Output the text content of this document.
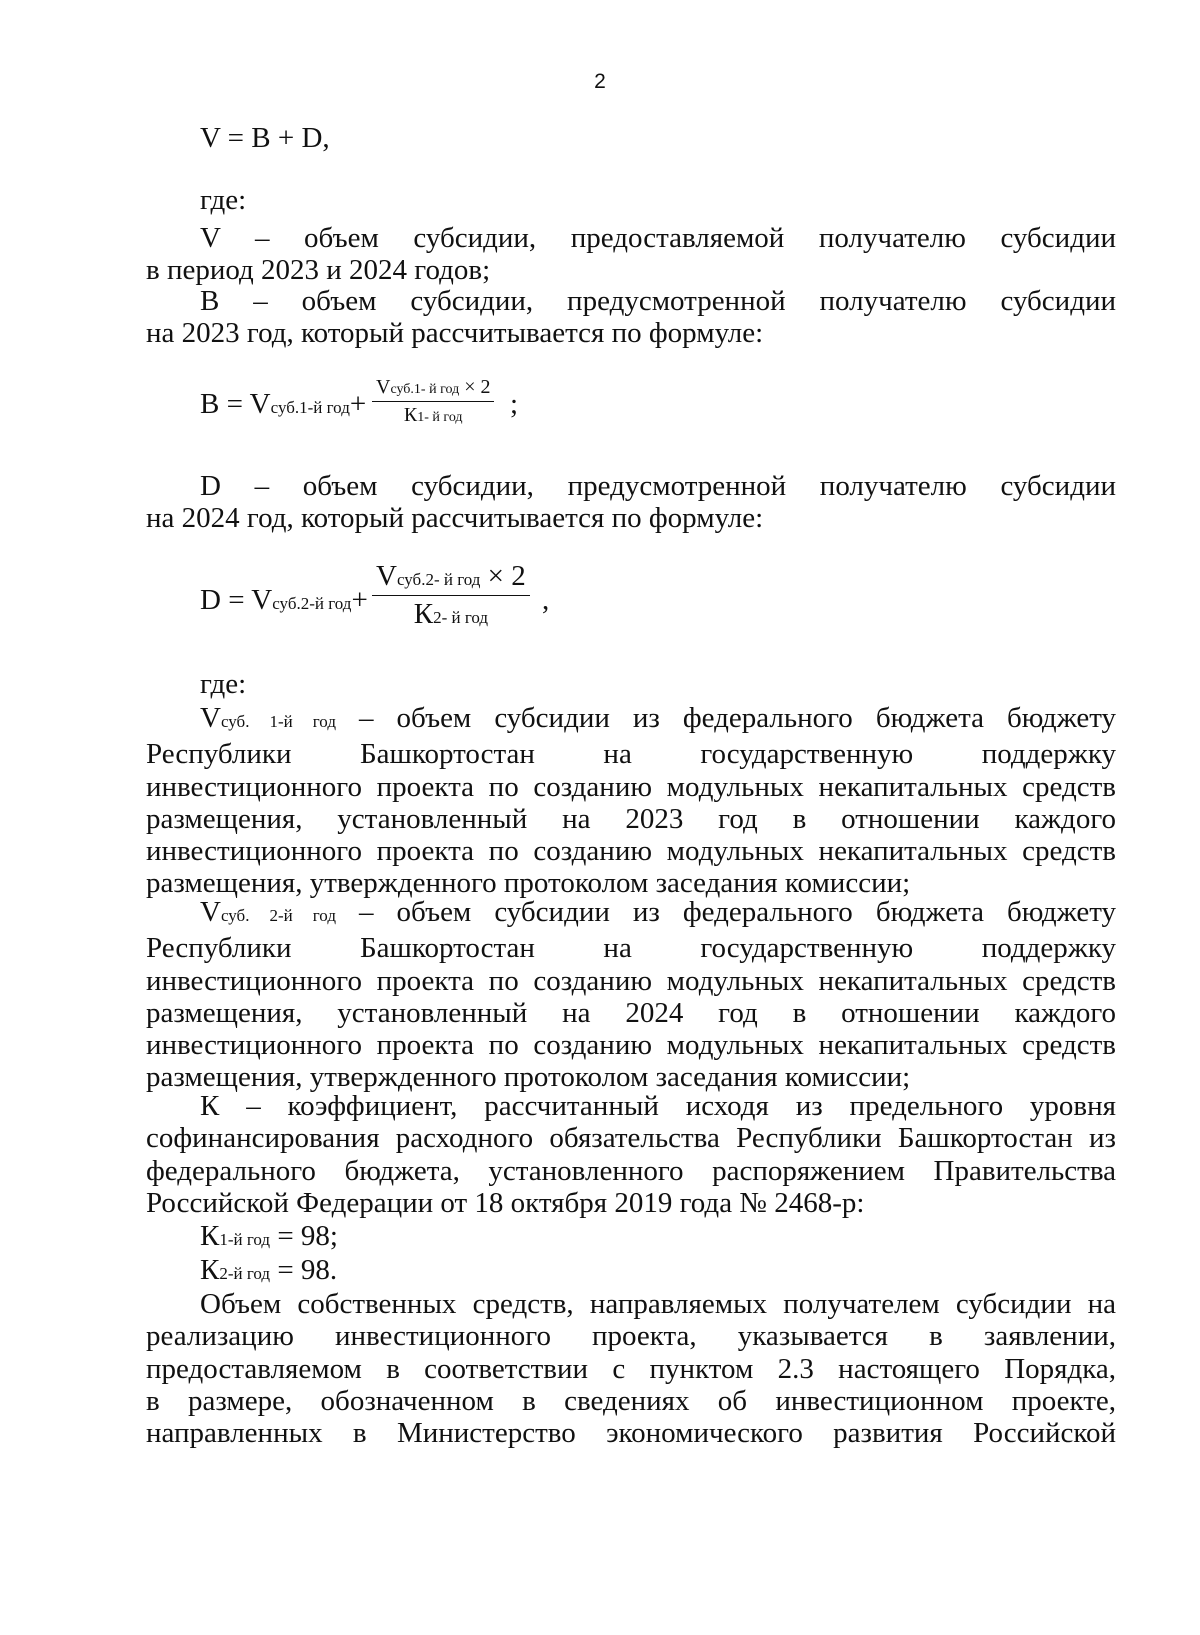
2
V = B + D,
где:
V – объем субсидии, предоставляемой получателю субсидии
в период 2023 и 2024 годов;
B – объем субсидии, предусмотренной получателю субсидии
на 2023 год, который рассчитывается по формуле:
B = Vсуб.1-й год+
Vсуб.1- й год × 2
К1- й год	;
D – объем субсидии, предусмотренной получателю субсидии
на 2024 год, который рассчитывается по формуле:
D = Vсуб.2-й год+
Vсуб.2- й год × 2
К2- й год
,
где:
Vсуб. 1-й год – объем субсидии из федерального бюджета бюджету
Республики Башкортостан на государственную поддержку
инвестиционного проекта по созданию модульных некапитальных средств
размещения, установленный на 2023 год в отношении каждого
инвестиционного проекта по созданию модульных некапитальных средств
размещения, утвержденного протоколом заседания комиссии;
Vсуб. 2-й год – объем субсидии из федерального бюджета бюджету
Республики Башкортостан на государственную поддержку
инвестиционного проекта по созданию модульных некапитальных средств
размещения, установленный на 2024 год в отношении каждого
инвестиционного проекта по созданию модульных некапитальных средств
размещения, утвержденного протоколом заседания комиссии;
К – коэффициент, рассчитанный исходя из предельного уровня
софинансирования расходного обязательства Республики Башкортостан из
федерального бюджета, установленного распоряжением Правительства
Российской Федерации от 18 октября 2019 года № 2468-р:
К1-й год = 98;
К2-й год = 98.
Объем собственных средств, направляемых получателем субсидии на
реализацию инвестиционного проекта, указывается в заявлении,
предоставляемом в соответствии с пунктом 2.3 настоящего Порядка,
в размере, обозначенном в сведениях об инвестиционном проекте,
направленных в Министерство экономического развития Российской
